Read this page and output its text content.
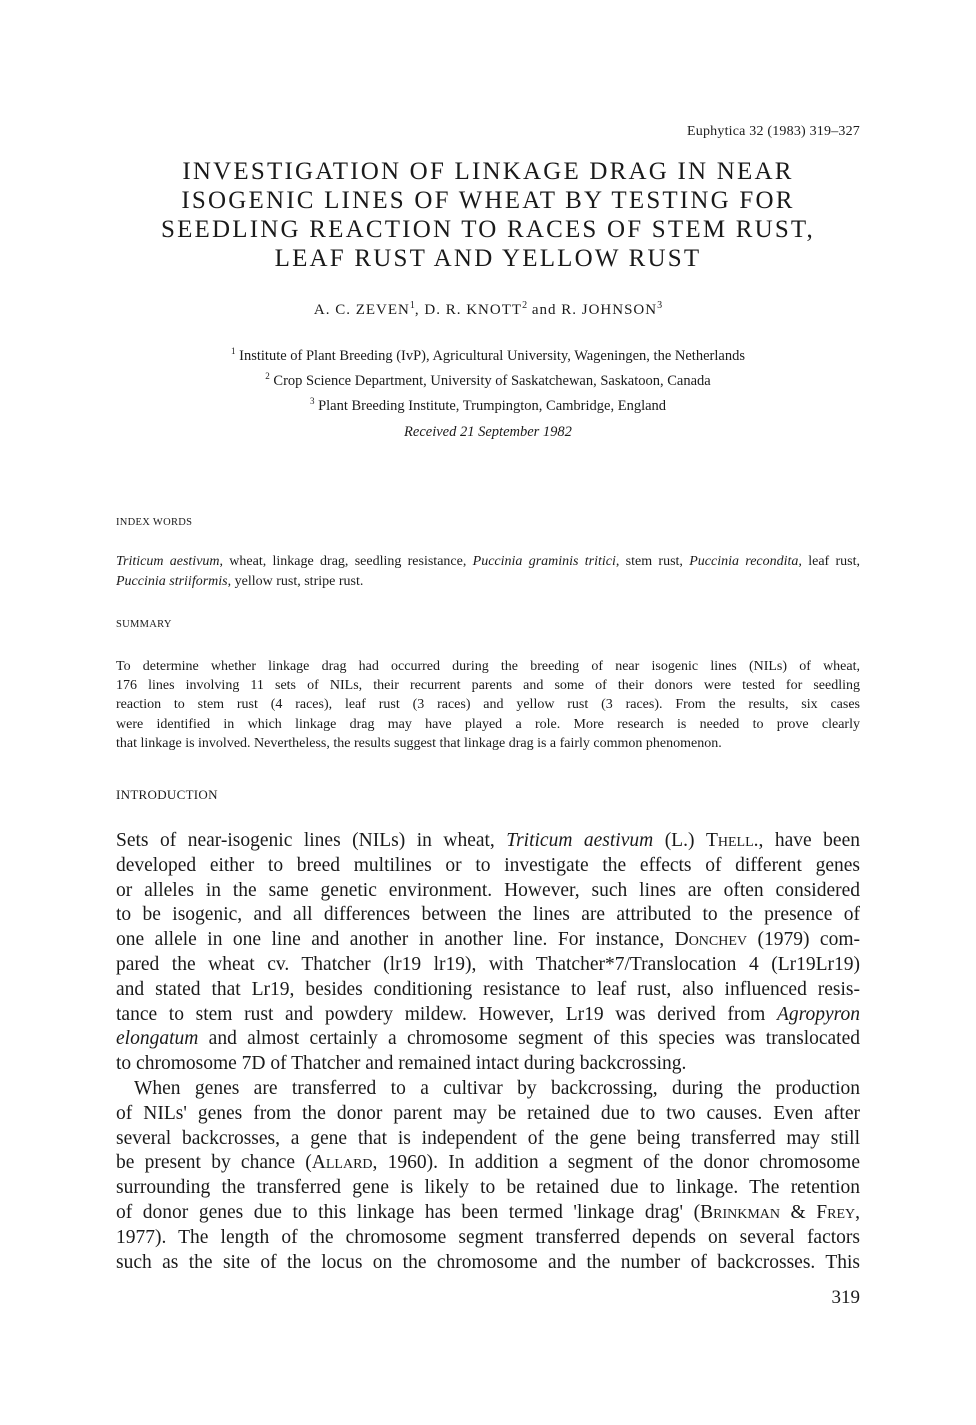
Euphytica 32 (1983) 319–327
INVESTIGATION OF LINKAGE DRAG IN NEAR
ISOGENIC LINES OF WHEAT BY TESTING FOR
SEEDLING REACTION TO RACES OF STEM RUST,
LEAF RUST AND YELLOW RUST
A. C. ZEVEN$^1$, D. R. KNOTT$^2$ and R. JOHNSON$^3$
$^1$ Institute of Plant Breeding (IvP), Agricultural University, Wageningen, the Netherlands
$^2$ Crop Science Department, University of Saskatchewan, Saskatoon, Canada
$^3$ Plant Breeding Institute, Trumpington, Cambridge, England
Received 21 September 1982
INDEX WORDS
Triticum aestivum, wheat, linkage drag, seedling resistance, Puccinia graminis tritici, stem rust, Puccinia recondita, leaf rust, Puccinia striiformis, yellow rust, stripe rust.
SUMMARY
To determine whether linkage drag had occurred during the breeding of near isogenic lines (NILs) of wheat,
176 lines involving 11 sets of NILs, their recurrent parents and some of their donors were tested for seedling
reaction to stem rust (4 races), leaf rust (3 races) and yellow rust (3 races). From the results, six cases
were identified in which linkage drag may have played a role. More research is needed to prove clearly
that linkage is involved. Nevertheless, the results suggest that linkage drag is a fairly common phenomenon.
INTRODUCTION
Sets of near-isogenic lines (NILs) in wheat, Triticum aestivum (L.) Thell., have been
developed either to breed multilines or to investigate the effects of different genes
or alleles in the same genetic environment. However, such lines are often considered
to be isogenic, and all differences between the lines are attributed to the presence of
one allele in one line and another in another line. For instance, Donchev (1979) com-
pared the wheat cv. Thatcher (lr19 lr19), with Thatcher*7/Translocation 4 (Lr19Lr19)
and stated that Lr19, besides conditioning resistance to leaf rust, also influenced resis-
tance to stem rust and powdery mildew. However, Lr19 was derived from Agropyron
elongatum and almost certainly a chromosome segment of this species was translocated
to chromosome 7D of Thatcher and remained intact during backcrossing.
When genes are transferred to a cultivar by backcrossing, during the production
of NILs' genes from the donor parent may be retained due to two causes. Even after
several backcrosses, a gene that is independent of the gene being transferred may still
be present by chance (Allard, 1960). In addition a segment of the donor chromosome
surrounding the transferred gene is likely to be retained due to linkage. The retention
of donor genes due to this linkage has been termed 'linkage drag' (Brinkman & Frey,
1977). The length of the chromosome segment transferred depends on several factors
such as the site of the locus on the chromosome and the number of backcrosses. This
319
